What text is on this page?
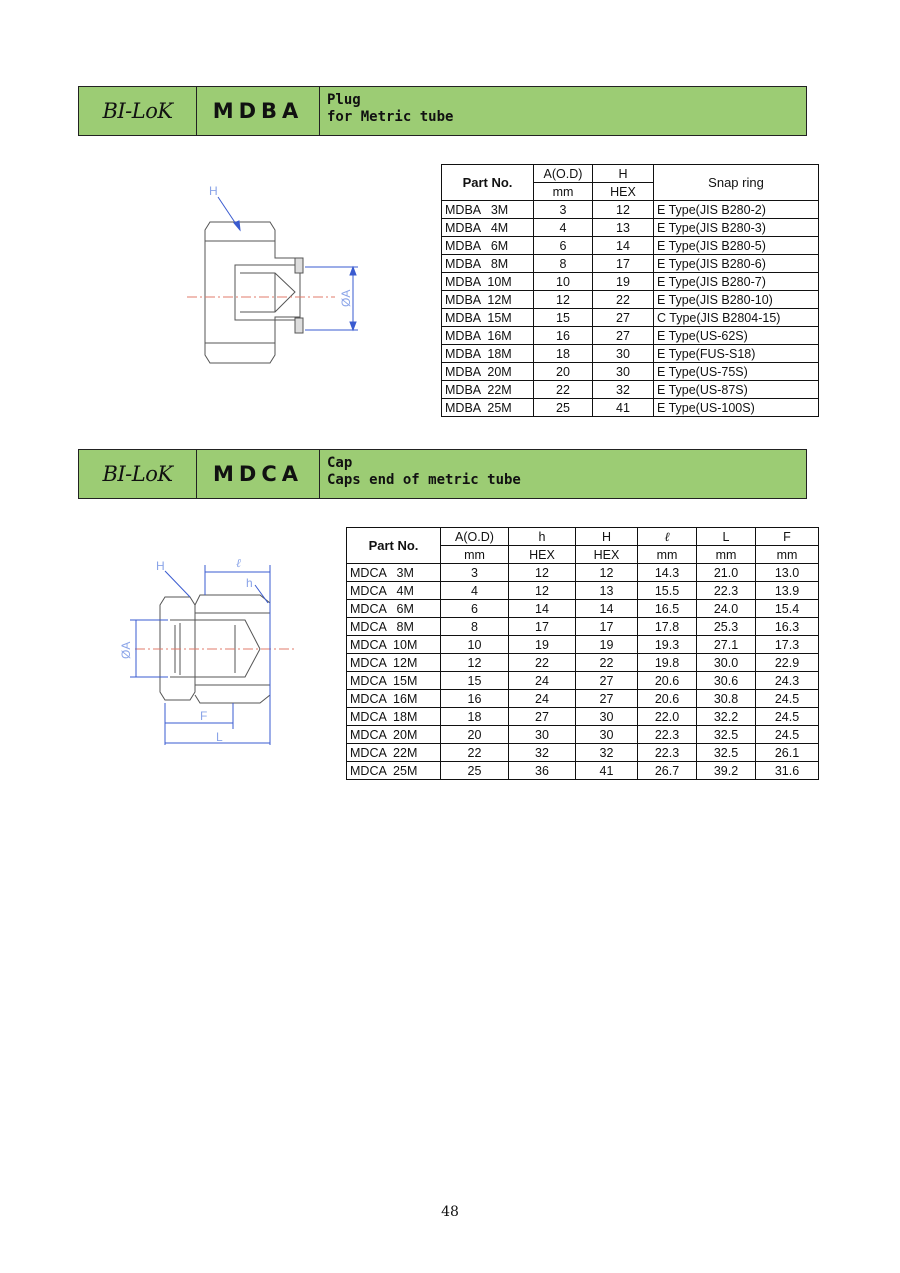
BI-LoK	MDBA	Plug
for Metric tube
H
ØA
Part No.	A(O.D)	H	Snap ring
	mm	HEX	
MDBA   3M	3	12	E Type(JIS B280-2)
MDBA   4M	4	13	E Type(JIS B280-3)
MDBA   6M	6	14	E Type(JIS B280-5)
MDBA   8M	8	17	E Type(JIS B280-6)
MDBA  10M	10	19	E Type(JIS B280-7)
MDBA  12M	12	22	E Type(JIS B280-10)
MDBA  15M	15	27	C Type(JIS B2804-15)
MDBA  16M	16	27	E Type(US-62S)
MDBA  18M	18	30	E Type(FUS-S18)
MDBA  20M	20	30	E Type(US-75S)
MDBA  22M	22	32	E Type(US-87S)
MDBA  25M	25	41	E Type(US-100S)
BI-LoK	MDCA	Cap
Caps end of metric tube
ℓ
H
h
F
L
ØA
Part No.	A(O.D)	h	H	ℓ	L	F
	mm	HEX	HEX	mm	mm	mm
MDCA   3M	3	12	12	14.3	21.0	13.0
MDCA   4M	4	12	13	15.5	22.3	13.9
MDCA   6M	6	14	14	16.5	24.0	15.4
MDCA   8M	8	17	17	17.8	25.3	16.3
MDCA  10M	10	19	19	19.3	27.1	17.3
MDCA  12M	12	22	22	19.8	30.0	22.9
MDCA  15M	15	24	27	20.6	30.6	24.3
MDCA  16M	16	24	27	20.6	30.8	24.5
MDCA  18M	18	27	30	22.0	32.2	24.5
MDCA  20M	20	30	30	22.3	32.5	24.5
MDCA  22M	22	32	32	22.3	32.5	26.1
MDCA  25M	25	36	41	26.7	39.2	31.6
48
